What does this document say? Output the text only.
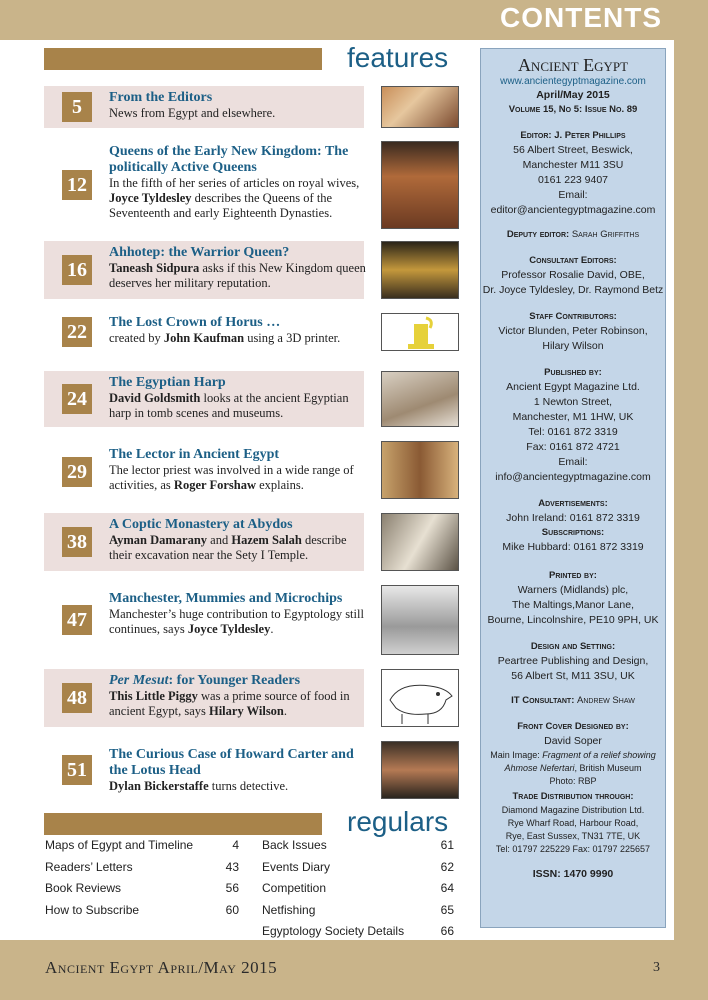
CONTENTS
features
5	From the Editors
News from Egypt and elsewhere.
12
Queens of the Early New Kingdom: The politically Active Queens
In the fifth of her series of articles on royal wives, Joyce Tyldesley describes the Queens of the Seventeenth and early Eighteenth Dynasties.
16
Ahhotep: the Warrior Queen?
Taneash Sidpura asks if this New Kingdom queen deserves her military reputation.
22	The Lost Crown of Horus …
created by John Kaufman using a 3D printer.
24
The Egyptian Harp
David Goldsmith looks at the ancient Egyptian harp in tomb scenes and museums.
29
The Lector in Ancient Egypt
The lector priest was involved in a wide range of activities, as Roger Forshaw explains.
38
A Coptic Monastery at Abydos
Ayman Damarany and Hazem Salah describe their excavation near the Sety I Temple.
47
Manchester, Mummies and Microchips
Manchester’s huge contribution to Egyptology still continues, says Joyce Tyldesley.
48
Per Mesut: for Younger Readers
This Little Piggy was a prime source of food in ancient Egypt, says Hilary Wilson.
51
The Curious Case of Howard Carter and the Lotus Head
Dylan Bickerstaffe turns detective.
regulars
Maps of Egypt and Timeline	4
Readers’ Letters	43
Book Reviews	56
How to Subscribe	60
Back Issues	61
Events Diary	62
Competition	64
Netfishing	65
Egyptology Society Details	66
Ancient Egypt
www.ancientegyptmagazine.com
April/May 2015
Volume 15, No 5: Issue No. 89
Editor: J. Peter Phillips
56 Albert Street, Beswick,
Manchester M11 3SU
0161 223 9407
Email: editor@ancientegyptmagazine.com
Deputy editor: Sarah Griffiths
Consultant Editors:
Professor Rosalie David, OBE,
Dr. Joyce Tyldesley, Dr. Raymond Betz
Staff Contributors:
Victor Blunden, Peter Robinson,
Hilary Wilson
Published by:
Ancient Egypt Magazine Ltd.
1 Newton Street,
Manchester, M1 1HW, UK
Tel: 0161 872 3319
Fax: 0161 872 4721
Email: info@ancientegyptmagazine.com
Advertisements:
John Ireland: 0161 872 3319
Subscriptions:
Mike Hubbard: 0161 872 3319
Printed by:
Warners (Midlands) plc,
The Maltings,Manor Lane,
Bourne, Lincolnshire, PE10 9PH, UK
Design and Setting:
Peartree Publishing and Design,
56 Albert St, M11 3SU, UK
IT Consultant: Andrew Shaw
Front Cover Designed by:
David Soper
Main Image: Fragment of a relief showing Ahmose Nefertari, British Museum
Photo: RBP
Trade Distribution through:
Diamond Magazine Distribution Ltd.
Rye Wharf Road, Harbour Road,
Rye, East Sussex, TN31 7TE, UK
Tel: 01797 225229 Fax: 01797 225657
ISSN: 1470 9990
Ancient Egypt April/May 2015	3
